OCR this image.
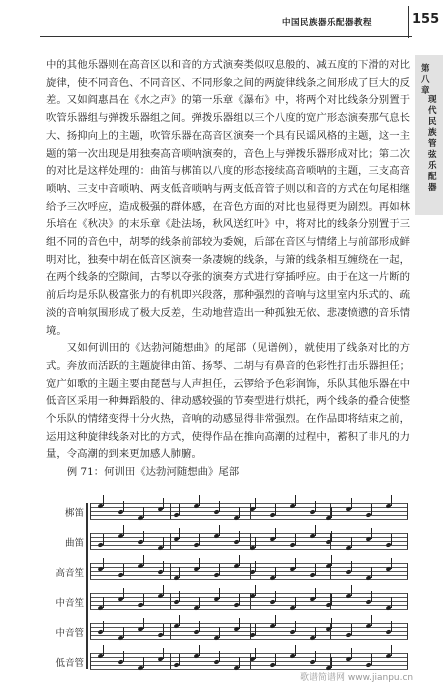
中国民族器乐配器教程	155
第八章
现代民族管弦乐配器

中的其他乐器则在高音区以和音的方式演奏类似叹息般的、减五度的下滑的对比旋律，使不同音色、不同音区、不同形象之间的两旋律线条之间形成了巨大的反差。又如阎惠昌在《水之声》的第一乐章《瀑布》中，将两个对比线条分别置于吹管乐器组与弹拨乐器组之间。弹拨乐器组以三个八度的宽广形态演奏那气息长大、扬抑向上的主题，吹管乐器在高音区演奏一个具有民谣风格的主题，这一主题的第一次出现是用独奏高音唢呐演奏的，音色上与弹拨乐器形成对比；第二次的对比是这样处理的：曲笛与梆笛以八度的形态接续高音唢呐的主题，三支高音唢呐、三支中音唢呐、两支低音唢呐与两支低音管子则以和音的方式在句尾相继给予三次呼应，造成极强的群体感，在音色方面的对比也显得更为剧烈。再如林乐培在《秋决》的末乐章《赴法场，秋风送红叶》中，将对比的线条分别置于三组不同的音色中，胡琴的线条前部较为委婉，后部在音区与情绪上与前部形成鲜明对比，独奏中胡在低音区演奏一条凄婉的线条，与箫的线条相互缠绕在一起，在两个线条的空隙间，古琴以夺张的演奏方式进行穿插呼应。由于在这一片断的前后均是乐队极富张力的有机即兴段落，那种强烈的音响与这里室内乐式的、疏淡的音响氛围形成了极大反差，生动地营造出一种孤独无依、悲凄愤懑的音乐情境。

又如何训田的《达勃河随想曲》的尾部（见谱例），就使用了线条对比的方式。奔放而活跃的主题旋律由笛、扬琴、二胡与有鼻音的色彩性打击乐器担任；宽广如歌的主题主要由琵琶与人声担任，云锣给予色彩润饰，乐队其他乐器在中低音区采用一种舞蹈般的、律动感较强的节奏型进行烘托，两个线条的叠合使整个乐队的情绪变得十分火热，音响的动感显得非常强烈。在作品即将结束之前，运用这种旋律线条对比的方式，使得作品在推向高潮的过程中，蓄积了非凡的力量，令高潮的到来更加感人肺腑。

例 71：何训田《达勃河随想曲》尾部

梆笛
曲笛
高音笙
中音笙
中音管
低音管
歌谱简谱网 www.jianpu.cn
